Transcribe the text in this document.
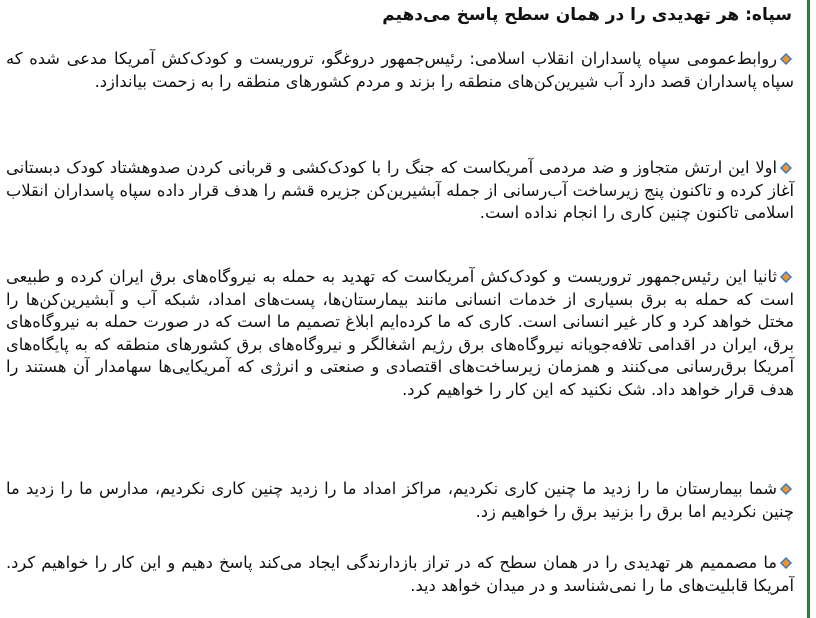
سپاه: هر تهدیدی را در همان سطح پاسخ می‌دهیم
روابط‌عمومی سپاه پاسداران انقلاب اسلامی: رئیس‌جمهور دروغگو، تروریست و کودک‌کش آمریکا مدعی شده که سپاه پاسداران قصد دارد آب شیرین‌کن‌های منطقه را بزند و مردم کشورهای منطقه را به زحمت بیاندازد.
اولا این ارتش متجاوز و ضد مردمی آمریکاست که جنگ را با کودک‌کشی و قربانی کردن صدوهشتاد کودک دبستانی آغاز کرده و تاکنون پنج زیرساخت آب‌رسانی از جمله آبشیرین‌کن جزیره قشم را هدف قرار داده سپاه پاسداران انقلاب اسلامی تاکنون چنین کاری را انجام نداده است.
ثانیا این رئیس‌جمهور تروریست و کودک‌کش آمریکاست که تهدید به حمله به نیروگاه‌های برق ایران کرده و طبیعی است که حمله به برق بسیاری از خدمات انسانی مانند بیمارستان‌ها، پست‌های امداد، شبکه آب و آبشیرین‌کن‌ها را مختل خواهد کرد و کار غیر انسانی است. کاری که ما کرده‌ایم ابلاغ تصمیم ما است که در صورت حمله به نیروگاه‌های برق، ایران در اقدامی تلافه‌جویانه نیروگاه‌های برق رژیم اشغالگر و نیروگاه‌های برق کشورهای منطقه که به پایگاه‌های آمریکا برق‌رسانی می‌کنند و همزمان زیرساخت‌های اقتصادی و صنعتی و انرژی که آمریکایی‌ها سهامدار آن هستند را هدف قرار خواهد داد. شک نکنید که این کار را خواهیم کرد.
شما بیمارستان ما را زدید ما چنین کاری نکردیم، مراکز امداد ما را زدید چنین کاری نکردیم، مدارس ما را زدید ما چنین نکردیم اما برق را بزنید برق را خواهیم زد.
ما مصممیم هر تهدیدی را در همان سطح که در تراز بازدارندگی ایجاد می‌کند پاسخ دهیم و این کار را خواهیم کرد. آمریکا قابلیت‌های ما را نمی‌شناسد و در میدان خواهد دید.
